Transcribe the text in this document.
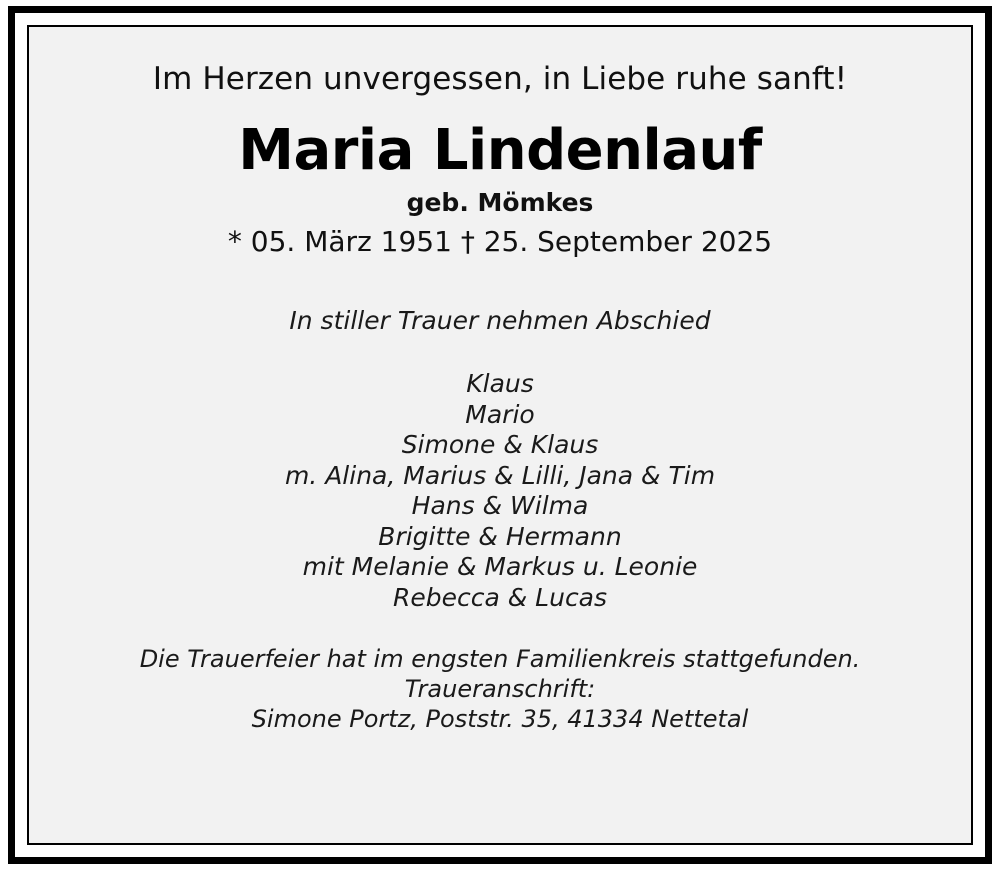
Im Herzen unvergessen, in Liebe ruhe sanft!
Maria Lindenlauf
geb. Mömkes
* 05. März 1951 † 25. September 2025
In stiller Trauer nehmen Abschied
Klaus
Mario
Simone & Klaus
m. Alina, Marius & Lilli, Jana & Tim
Hans & Wilma
Brigitte & Hermann
mit Melanie & Markus u. Leonie
Rebecca & Lucas
Die Trauerfeier hat im engsten Familienkreis stattgefunden.
Traueranschrift:
Simone Portz, Poststr. 35, 41334 Nettetal
